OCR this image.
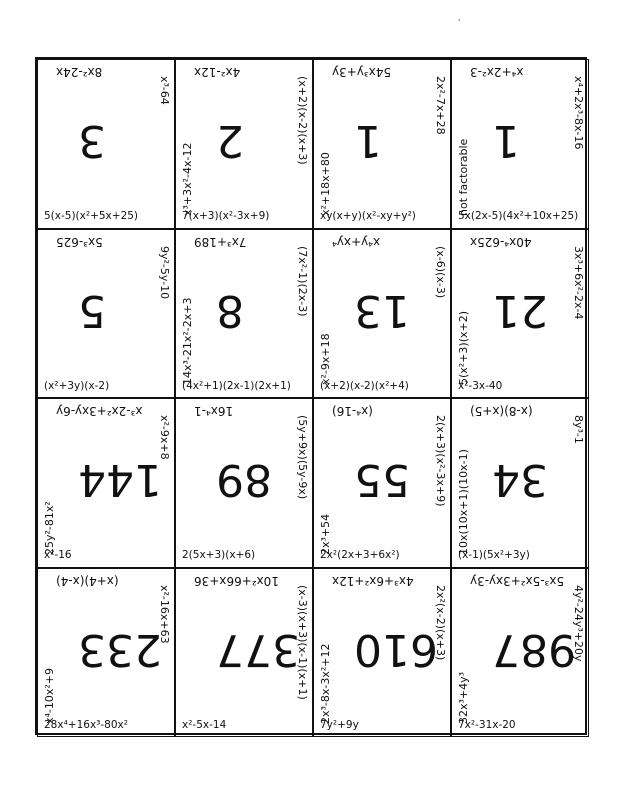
·
3
8x²-24x
5(x-5)(x²+5x+25)
x³-64
2
4x²-12x
7(x+3)(x²-3x+9)
(x+2)(x-2)(x+3)
x³+3x²-4x-12
1
54x³y+3y
xy(x+y)(x²-xy+y²)
2x²-7x+28
x²+18x+80
1
x⁴+2x²-3
5x(2x-5)(4x²+10x+25)
x⁴+2x³-8x-16
not factorable
5
5x³-625
(x²+3y)(x-2)
9y²-5y-10
8
7x³+189
(4x²+1)(2x-1)(2x+1)
(7x²-1)(2x-3)
14x³-21x²-2x+3	13
x⁴y+xy⁴
(x+2)(x-2)(x²+4)
(x-6)(x-3)
x²-9x+18
21
40x⁴-625x
x²-3x-40
3x³+6x²-2x-4
5(x²+3)(x+2)
144
x³-2x²+3xy-6y
x²-16
x²-9x+8
25y²-81x²
89
16x⁴-1
2(5x+3)(x+6)
(5y+9x)(5y-9x) 55
(x⁴-16)
2x²(2x+3+6x²)
2(x+3)(x²-3x+9)
2x³+54
34
(x-8)(x+5)
(x-1)(5x²+3y)
8y³-1
10x(10x+1)(10x-1)
233
(x+4)(x-4)
28x⁴+16x³-80x²
x²-16x+63
x⁴-10x²+9
377
10x²+66x+36
x²-5x-14
(x-3)(x+3)(x-1)(x+1) 610
4x³+6x²+12x
7y²+9y
2x²(x-2)(x+3)
2x³-8x-3x²+12	987
5x³-5x²+3xy-3y
7x²-31x-20
4y²-24y³+20y
32x³+4y³
